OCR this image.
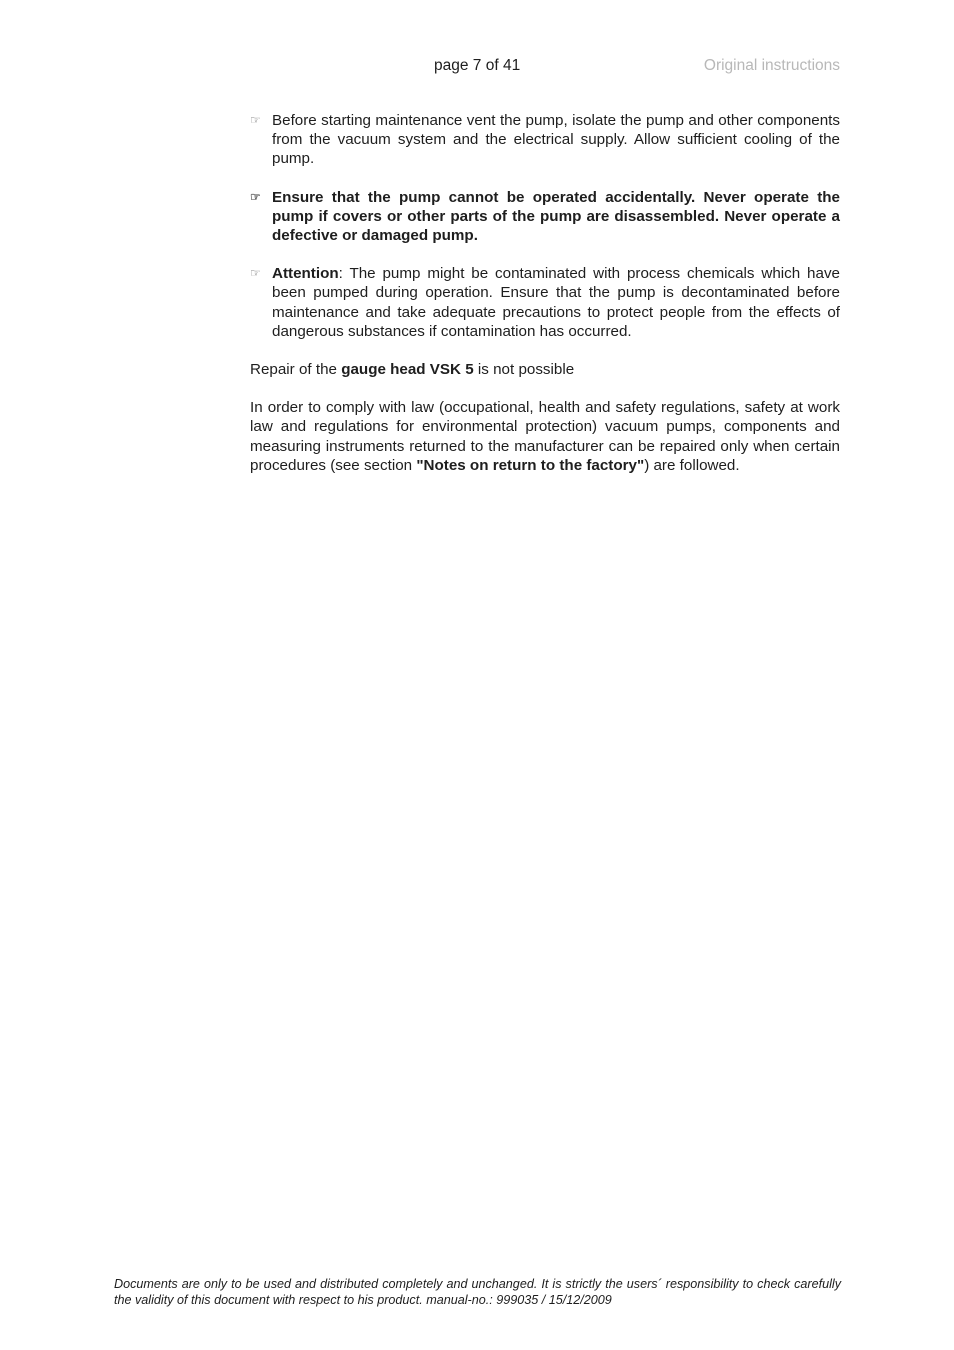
page 7 of 41	Original instructions
☞ Before starting maintenance vent the pump, isolate the pump and other components from the vacuum system and the electrical supply. Allow sufficient cooling of the pump.
☞ Ensure that the pump cannot be operated accidentally. Never operate the pump if covers or other parts of the pump are disassembled. Never operate a defective or damaged pump.
☞ Attention: The pump might be contaminated with process chemicals which have been pumped during operation. Ensure that the pump is decontaminated before maintenance and take adequate precautions to protect people from the effects of dangerous substances if contamination has occurred.
Repair of the gauge head VSK 5 is not possible
In order to comply with law (occupational, health and safety regulations, safety at work law and regulations for environmental protection) vacuum pumps, components and measuring instruments returned to the manufacturer can be repaired only when certain procedures (see section "Notes on return to the factory") are followed.
Documents are only to be used and distributed completely and unchanged. It is strictly the users´ responsibility to check carefully the validity of this document with respect to his product. manual-no.: 999035 / 15/12/2009
